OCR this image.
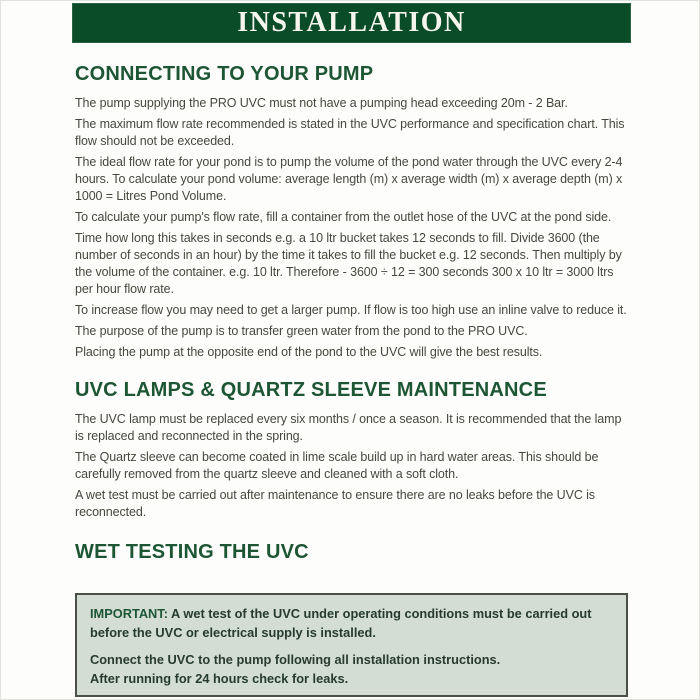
INSTALLATION
CONNECTING TO YOUR PUMP

The pump supplying the PRO UVC must not have a pumping head exceeding 20m - 2 Bar.

The maximum flow rate recommended is stated in the UVC performance and specification chart. This flow should not be exceeded.

The ideal flow rate for your pond is to pump the volume of the pond water through the UVC every 2-4 hours. To calculate your pond volume: average length (m) x average width (m) x average depth (m) x 1000 = Litres Pond Volume.

To calculate your pump's flow rate, fill a container from the outlet hose of the UVC at the pond side.

Time how long this takes in seconds e.g. a 10 ltr bucket takes 12 seconds to fill. Divide 3600 (the number of seconds in an hour) by the time it takes to fill the bucket e.g. 12 seconds. Then multiply by the volume of the container. e.g. 10 ltr. Therefore - 3600 ÷ 12 = 300 seconds 300 x 10 ltr = 3000 ltrs per hour flow rate.

To increase flow you may need to get a larger pump. If flow is too high use an inline valve to reduce it.

The purpose of the pump is to transfer green water from the pond to the PRO UVC.

Placing the pump at the opposite end of the pond to the UVC will give the best results.

UVC LAMPS & QUARTZ SLEEVE MAINTENANCE

The UVC lamp must be replaced every six months / once a season. It is recommended that the lamp is replaced and reconnected in the spring.

The Quartz sleeve can become coated in lime scale build up in hard water areas. This should be carefully removed from the quartz sleeve and cleaned with a soft cloth.

A wet test must be carried out after maintenance to ensure there are no leaks before the UVC is reconnected.

WET TESTING THE UVC

IMPORTANT: A wet test of the UVC under operating conditions must be carried out before the UVC or electrical supply is installed.

Connect the UVC to the pump following all installation instructions.

After running for 24 hours check for leaks.
